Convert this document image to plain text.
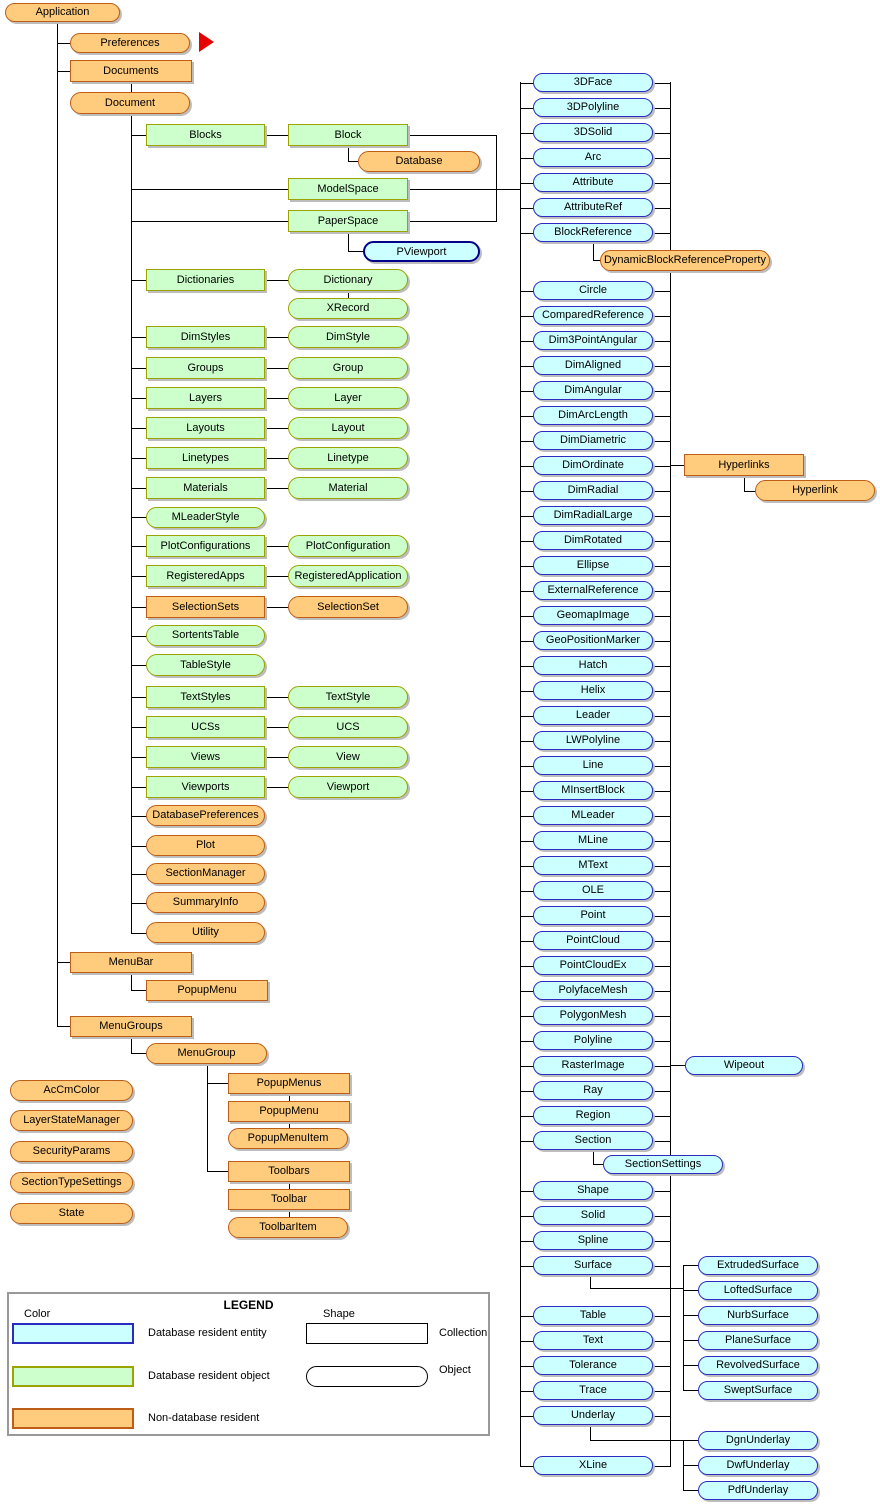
LEGEND
Color	Shape
Database resident entity
Database resident object
Non-database resident
Collection
Object
Application
Preferences
Documents
Document
Blocks	Block
Database
ModelSpace
PaperSpace
PViewport
Dictionaries	Dictionary
XRecord
DimStyles	DimStyle
Groups	Group
Layers	Layer
Layouts	Layout
Linetypes	Linetype
Materials	Material
MLeaderStyle
PlotConfigurations	PlotConfiguration
RegisteredApps	RegisteredApplication
SelectionSets	SelectionSet
SortentsTable
TableStyle
TextStyles	TextStyle
UCSs	UCS
Views	View
Viewports	Viewport
DatabasePreferences
Plot
SectionManager
SummaryInfo
Utility
MenuBar
PopupMenu
MenuGroups
MenuGroup
PopupMenus
PopupMenu
PopupMenuItem
Toolbars
Toolbar
ToolbarItem
AcCmColor
LayerStateManager
SecurityParams
SectionTypeSettings
State
3DFace
3DPolyline
3DSolid
Arc
Attribute
AttributeRef
BlockReference
DynamicBlockReferenceProperty
Circle
ComparedReference
Dim3PointAngular
DimAligned
DimAngular
DimArcLength
DimDiametric
DimOrdinate
DimRadial
DimRadialLarge
DimRotated
Ellipse
ExternalReference
GeomapImage
GeoPositionMarker
Hatch
Helix
Leader
LWPolyline
Line
MInsertBlock
MLeader
MLine
MText
OLE
Point
PointCloud
PointCloudEx
PolyfaceMesh
PolygonMesh
Polyline
RasterImage	Wipeout
Ray
Region
Section
SectionSettings
Shape
Solid
Spline
Surface	ExtrudedSurface
LoftedSurface
NurbSurface
PlaneSurface
RevolvedSurface
SweptSurface
Table
Text
Tolerance
Trace
Underlay
DgnUnderlay
DwfUnderlay
PdfUnderlay
XLine
Hyperlinks
Hyperlink
